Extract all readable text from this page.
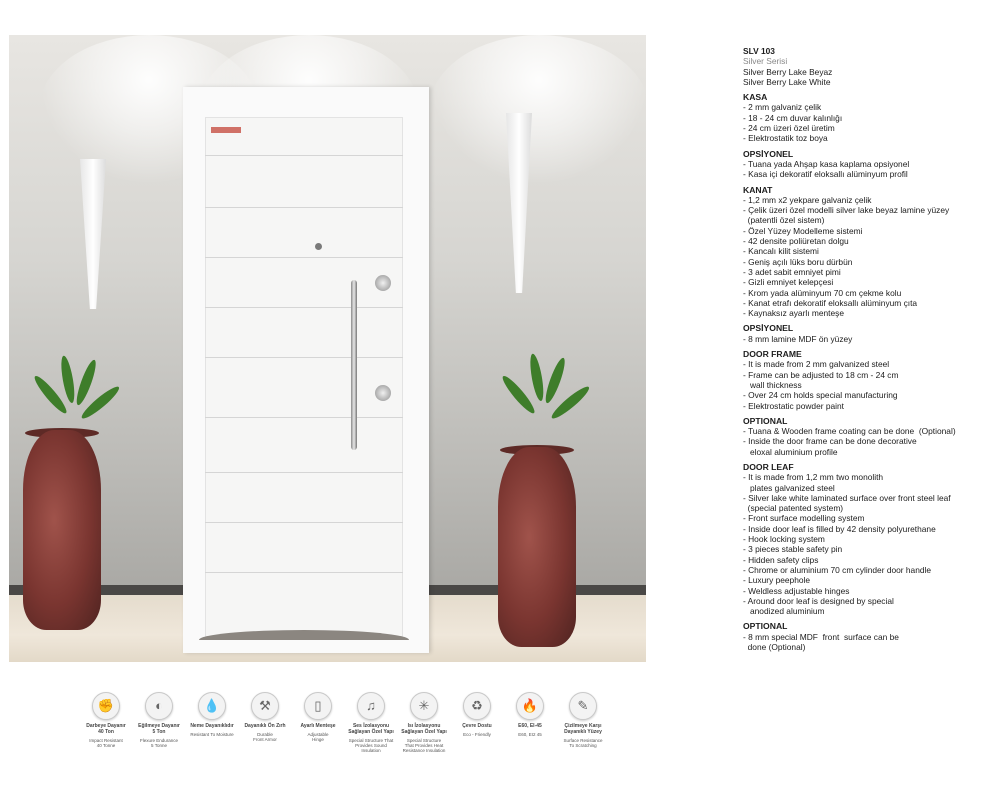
✊
Darbeye Dayanır
40 Ton
Impact Resistant
40 Tonne
◐
Eğilmeye Dayanır
5 Ton
Flexure Endurance
5 Tonne
💧
Neme Dayanıklıdır
Resistant To Moisture
⚒
Dayanıklı Ön Zırh
Durable
Front Armor
▯
Ayarlı Menteşe
Adjustable
Hinge
♫
Ses İzolasyonu
Sağlayan Özel Yapı
Special Structure That
Provides Sound Insulation
✳
Isı İzolasyonu
Sağlayan Özel Yapı
Special Structure
That Provides Heat
Resistance Insulation
♻
Çevre Dostu
Eco - Friendly
🔥
E60, EI-45
E60, EI2 45
✎
Çizilmeye Karşı
Dayanıklı Yüzey
Surface Resistance
To Scratching
SLV 103
Silver Serisi
Silver Berry Lake Beyaz
Silver Berry Lake White
KASA
- 2 mm galvaniz çelik
- 18 - 24 cm duvar kalınlığı
- 24 cm üzeri özel üretim
- Elektrostatik toz boya
OPSİYONEL
- Tuana yada Ahşap kasa kaplama opsiyonel
- Kasa içi dekoratif eloksallı alüminyum profil
KANAT
- 1,2 mm x2 yekpare galvaniz çelik
- Çelik üzeri özel modelli silver lake beyaz lamine yüzey
(patentli özel sistem)
- Özel Yüzey Modelleme sistemi
- 42 densite poliüretan dolgu
- Kancalı kilit sistemi
- Geniş açılı lüks boru dürbün
- 3 adet sabit emniyet pimi
- Gizli emniyet kelepçesi
- Krom yada alüminyum 70 cm çekme kolu
- Kanat etrafı dekoratif eloksallı alüminyum çıta
- Kaynaksız ayarlı menteşe
OPSİYONEL
- 8 mm lamine MDF ön yüzey
DOOR FRAME
- It is made from 2 mm galvanized steel
- Frame can be adjusted to 18 cm - 24 cm
wall thickness
- Over 24 cm holds special manufacturing
- Elektrostatic powder paint
OPTIONAL
- Tuana & Wooden frame coating can be done  (Optional)
- Inside the door frame can be done decorative
eloxal aluminium profile
DOOR LEAF
- It is made from 1,2 mm two monolith
plates galvanized steel
- Silver lake white laminated surface over front steel leaf
(special patented system)
- Front surface modelling system
- Inside door leaf is filled by 42 density polyurethane
- Hook locking system
- 3 pieces stable safety pin
- Hidden safety clips
- Chrome or aluminium 70 cm cylinder door handle
- Luxury peephole
- Weldless adjustable hinges
- Around door leaf is designed by special
anodized aluminium
OPTIONAL
- 8 mm special MDF  front  surface can be
done (Optional)
